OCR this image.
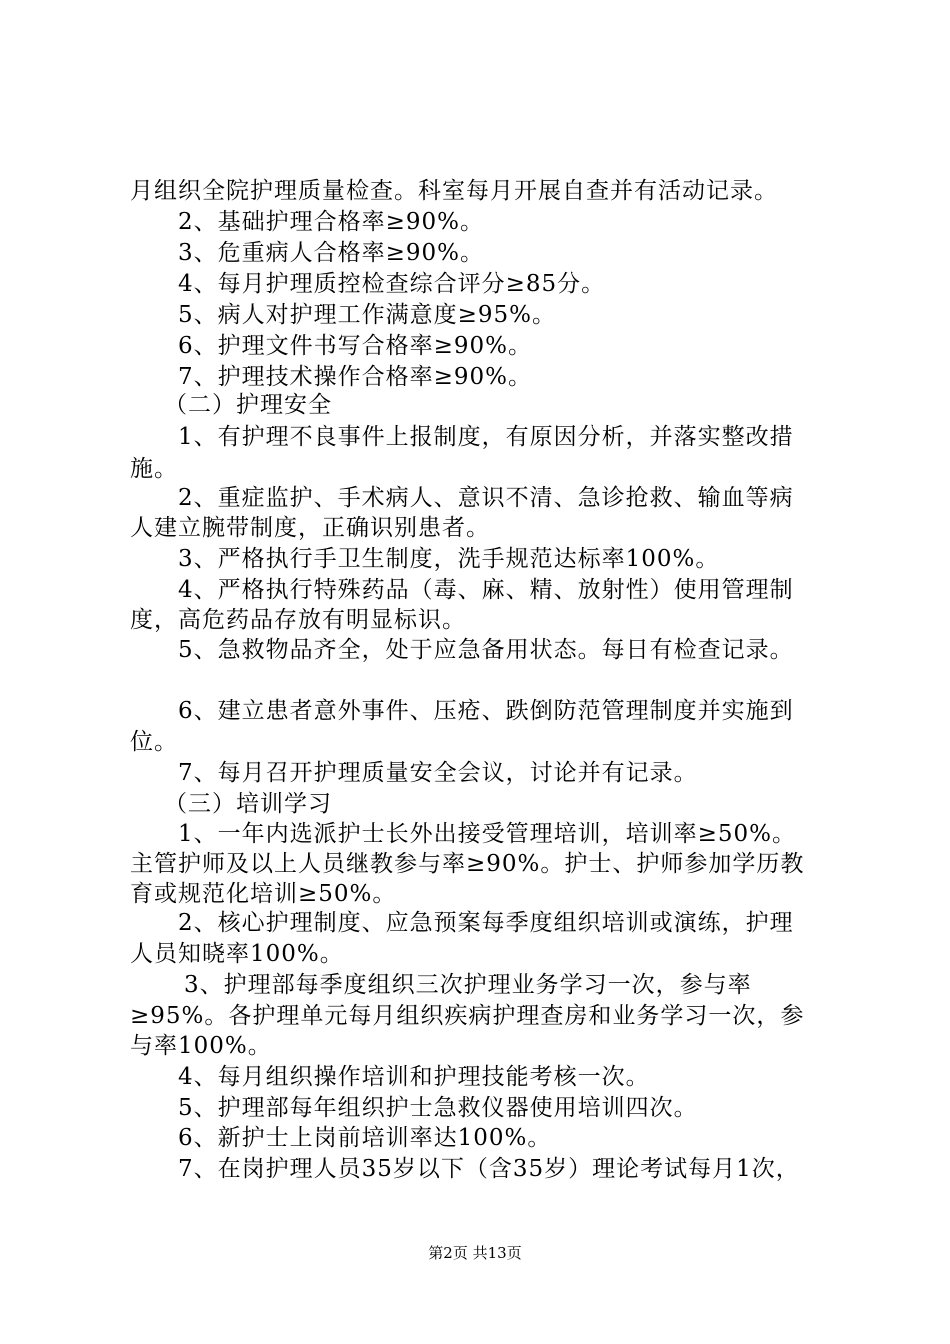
月组织全院护理质量检查。科室每月开展自查并有活动记录。
2、基础护理合格率≥90%。
3、危重病人合格率≥90%。
4、每月护理质控检查综合评分≥85分。
5、病人对护理工作满意度≥95%。
6、护理文件书写合格率≥90%。
7、护理技术操作合格率≥90%。
（二）护理安全
1、有护理不良事件上报制度，有原因分析，并落实整改措
施。
2、重症监护、手术病人、意识不清、急诊抢救、输血等病
人建立腕带制度，正确识别患者。
3、严格执行手卫生制度，洗手规范达标率100%。
4、严格执行特殊药品（毒、麻、精、放射性）使用管理制
度，高危药品存放有明显标识。
5、急救物品齐全，处于应急备用状态。每日有检查记录。
6、建立患者意外事件、压疮、跌倒防范管理制度并实施到
位。
7、每月召开护理质量安全会议，讨论并有记录。
（三）培训学习
1、一年内选派护士长外出接受管理培训，培训率≥50%。
主管护师及以上人员继教参与率≥90%。护士、护师参加学历教
育或规范化培训≥50%。
2、核心护理制度、应急预案每季度组织培训或演练，护理
人员知晓率100%。
3、护理部每季度组织三次护理业务学习一次，参与率
≥95%。各护理单元每月组织疾病护理查房和业务学习一次，参
与率100%。
4、每月组织操作培训和护理技能考核一次。
5、护理部每年组织护士急救仪器使用培训四次。
6、新护士上岗前培训率达100%。
7、在岗护理人员35岁以下（含35岁）理论考试每月1次，
第2页 共13页
